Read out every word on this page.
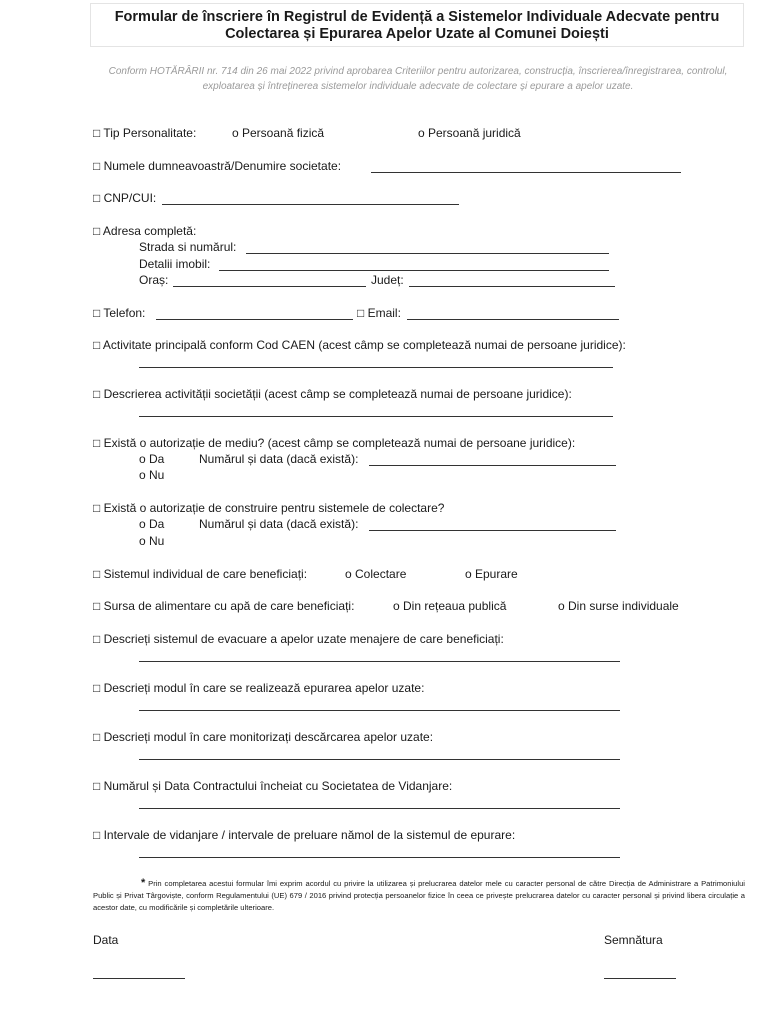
Formular de înscriere în Registrul de Evidență a Sistemelor Individuale Adecvate pentru
Colectarea și Epurarea Apelor Uzate al Comunei Doiești
Conform HOTĂRÂRII nr. 714 din 26 mai 2022 privind aprobarea Criteriilor pentru autorizarea, construcția, înscrierea/înregistrarea, controlul, exploatarea și întreținerea sistemelor individuale adecvate de colectare și epurare a apelor uzate.
□ Tip Personalitate:	o Persoană fizică	o Persoană juridică
□ Numele dumneavoastră/Denumire societate:
□ CNP/CUI:
□ Adresa completă:
Strada si numărul:
Detalii imobil:
Oraș:	Județ:
□ Telefon:	□ Email:
□ Activitate principală conform Cod CAEN (acest câmp se completează numai de persoane juridice):
□ Descrierea activității societății (acest câmp se completează numai de persoane juridice):
□ Există o autorizație de mediu? (acest câmp se completează numai de persoane juridice):
o Da	Numărul și data (dacă există):
o Nu
□ Există o autorizație de construire pentru sistemele de colectare?
o Da	Numărul și data (dacă există):
o Nu
□ Sistemul individual de care beneficiați:	o Colectare	o Epurare
□ Sursa de alimentare cu apă de care beneficiați:	o Din rețeaua publică	o Din surse individuale
□ Descrieți sistemul de evacuare a apelor uzate menajere de care beneficiați:
□ Descrieți modul în care se realizează epurarea apelor uzate:
□ Descrieți modul în care monitorizați descărcarea apelor uzate:
□ Numărul și Data Contractului încheiat cu Societatea de Vidanjare:
□ Intervale de vidanjare / intervale de preluare nămol de la sistemul de epurare:
* Prin completarea acestui formular îmi exprim acordul cu privire la utilizarea și prelucrarea datelor mele cu caracter personal de către Direcția de Administrare a Patrimoniului Public și Privat Târgoviște, conform Regulamentului (UE) 679 / 2016 privind protecția persoanelor fizice în ceea ce privește prelucrarea datelor cu caracter personal și privind libera circulație a acestor date, cu modificările și completările ulterioare.
Data	Semnătura
